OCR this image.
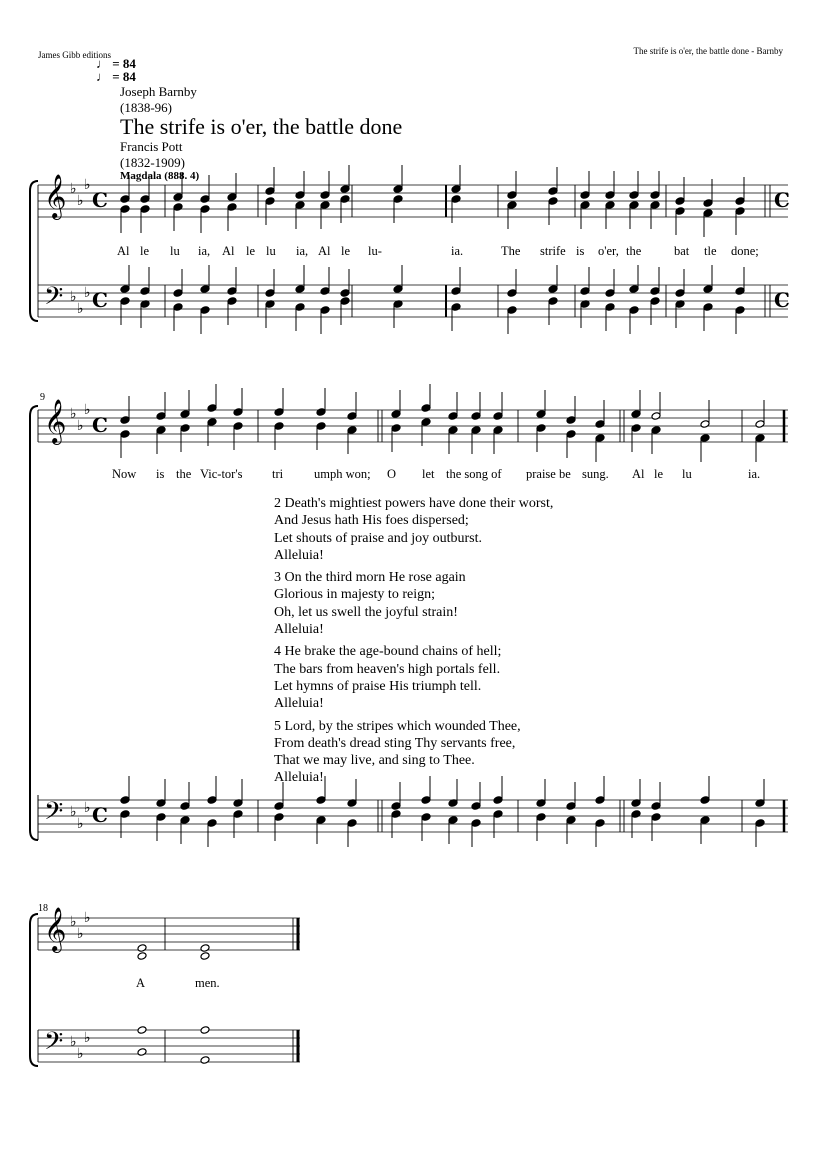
James Gibb editions	The strife is o'er, the battle done - Barnby
♩ = 84
♩ = 84
Joseph Barnby
(1838-96)
The strife is o'er, the battle done
Francis Pott
(1832-1909)
Magdala (888. 4)
9
18
𝄞
𝄢
♭
♭
♭
♭
♭
♭
C
C
C
C
𝄞
𝄢
♭
♭
♭
♭
♭
♭
C
C
𝄞
𝄢
♭
♭
♭
♭
♭
♭
Al le lu ia, Al le lu ia, Al le lu-	ia.	The strife is o'er, the	bat tle done;
Now is the Vic-tor's tri umph won; O let the song of praise be sung. Al le lu	ia.
A	men.
2 Death's mightiest powers have done their worst,
And Jesus hath His foes dispersed;
Let shouts of praise and joy outburst.
Alleluia!
3 On the third morn He rose again
Glorious in majesty to reign;
Oh, let us swell the joyful strain!
Alleluia!
4 He brake the age-bound chains of hell;
The bars from heaven's high portals fell.
Let hymns of praise His triumph tell.
Alleluia!
5 Lord, by the stripes which wounded Thee,
From death's dread sting Thy servants free,
That we may live, and sing to Thee.
Alleluia!
